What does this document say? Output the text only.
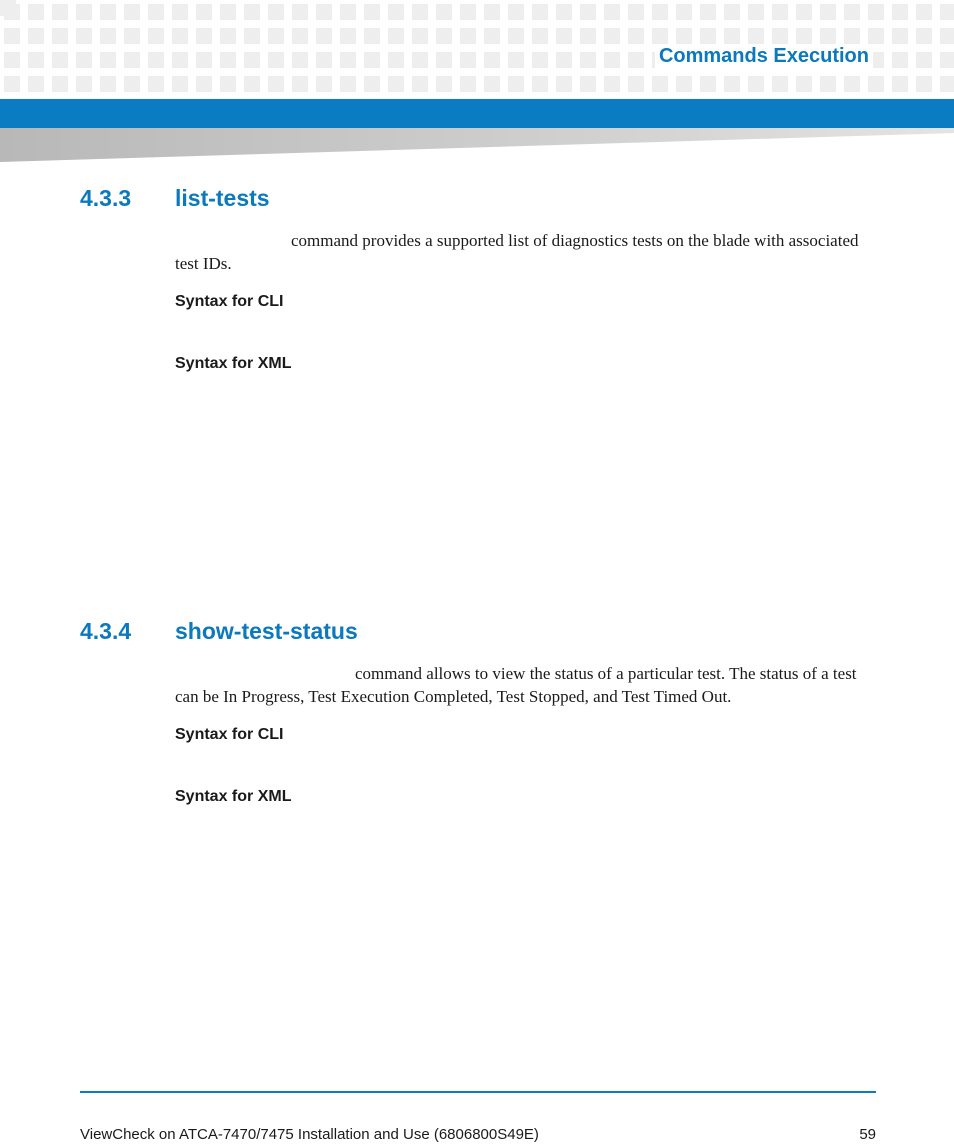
Commands Execution
4.3.3 list-tests
command provides a supported list of diagnostics tests on the blade with associated test IDs.
Syntax for CLI
Syntax for XML
4.3.4 show-test-status
command allows to view the status of a particular test. The status of a test can be In Progress, Test Execution Completed, Test Stopped, and Test Timed Out.
Syntax for CLI
Syntax for XML
ViewCheck on ATCA-7470/7475 Installation and Use (6806800S49E)	59
